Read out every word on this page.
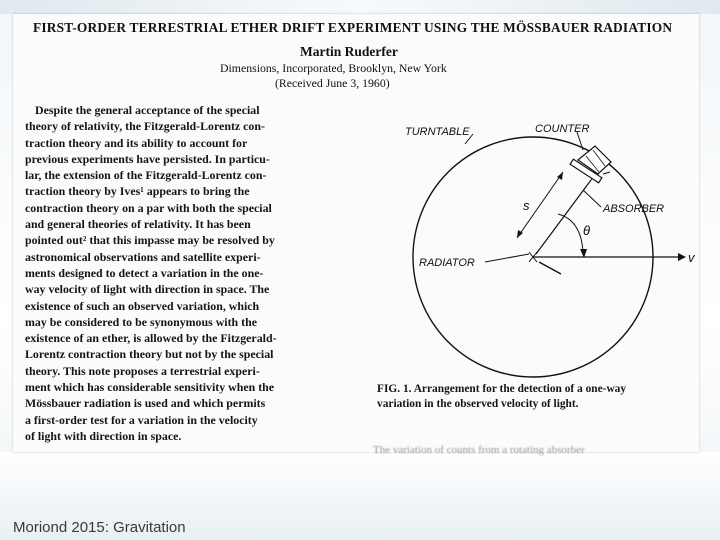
FIRST-ORDER TERRESTRIAL ETHER DRIFT EXPERIMENT USING THE MÖSSBAUER RADIATION
Martin Ruderfer
Dimensions, Incorporated, Brooklyn, New York
(Received June 3, 1960)
Despite the general acceptance of the special
theory of relativity, the Fitzgerald-Lorentz con-
traction theory and its ability to account for
previous experiments have persisted. In particu-
lar, the extension of the Fitzgerald-Lorentz con-
traction theory by Ives¹ appears to bring the
contraction theory on a par with both the special
and general theories of relativity. It has been
pointed out² that this impasse may be resolved by
astronomical observations and satellite experi-
ments designed to detect a variation in the one-
way velocity of light with direction in space. The
existence of such an observed variation, which
may be considered to be synonymous with the
existence of an ether, is allowed by the Fitzgerald-
Lorentz contraction theory but not by the special
theory. This note proposes a terrestrial experi-
ment which has considerable sensitivity when the
Mössbauer radiation is used and which permits
a first-order test for a variation in the velocity
of light with direction in space.
TURNTABLE	COUNTER
ABSORBER
RADIATOR
s
θ
v

FIG. 1. Arrangement for the detection of a one-way
variation in the observed velocity of light.

The variation of counts from a rotating absorber
Moriond 2015: Gravitation
